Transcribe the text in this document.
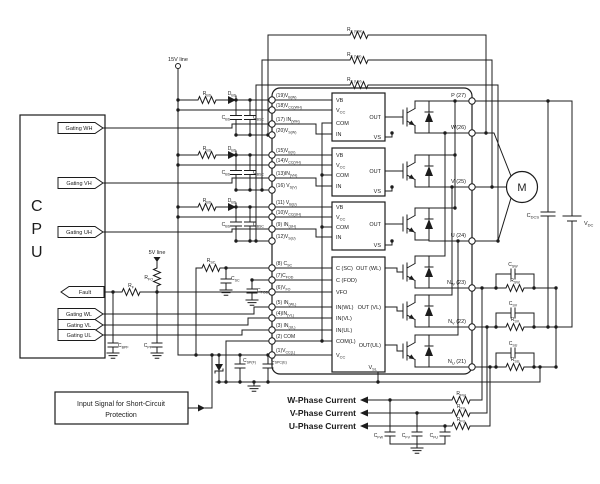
C
P
U
Gating WH
Gating VH
Gating UH
Fault
Gating WL
Gating VL
Gating UL
15V line
5V line
$R_{E (WH)}$
$R_{E (VH)}$
$R_{E (UH)}$
$R_{BS}$	$D_{BS}$
$C_{BS}$	$C_{BSC}$
$R_{BS}$	$D_{BS}$
$C_{BS}$	$C_{BSC}$
$R_{BS}$	$D_{BS}$
$C_{BS}$	$C_{BSC}$
$(19)V_{B(W)}$
$(18)V_{CC(WH)}$
(17) $IN_{(WH)}$
$(20)V_{S(W)}$
$(15)V_{B(V)}$
$(14)V_{CC(VH)}$
$(13)IN_{(VH)}$
(16) $V_{S(V)}$
(11) $V_{B(U)}$
$(10)V_{CC(UH)}$
(9) $IN_{(UH)}$
$(12)V_{S(U)}$
(8) $C_{SC}$
$(7)C_{FOD}$
$(6)V_{FO}$
(5) $IN_{(WL)}$
$(4)IN_{(VL)}$
(3) $IN_{(UL)}$
(2) COM
$(1)V_{CC(L)}$
VB
$V_{CC}$
COM
IN
OUT
VS
VB
$V_{CC}$
COM
IN
OUT
VS
VB
$V_{CC}$
COM
IN
OUT
VS
C (SC)
C (FOD)
VFO
IN(WL)
IN(VL)
IN(UL)
COM(L)
$V_{CC}$
OUT (WL)
OUT (VL)
OUT(UL)
$V_{SL}$
P (27)
W(26)
V (25)
U (24)
$N_W$ (23)
$N_V$ (22)
$N_U$ (21)
$R_F$
$R_{FO}$
$C_{BPF}$	$C_{PF}$
$R_{SC}$
$C_{SC}$
$C_{FOD}$
$C_{SP(F)}$	$C_{SPC(E)}$
$C_{SW}$
$R_{SW}$
$C_{SV}$
$R_{SV}$
$C_{SU}$
$R_{SU}$
$C_{DCS}$
$V_{DC}$
M
W-Phase Current
V-Phase Current
U-Phase Current
$R_{FW}$
$R_{FV}$
$R_{FU}$
$C_{FW}$	$C_{FV}$	$C_{FU}$
Input Signal for Short-Circuit
Protection
